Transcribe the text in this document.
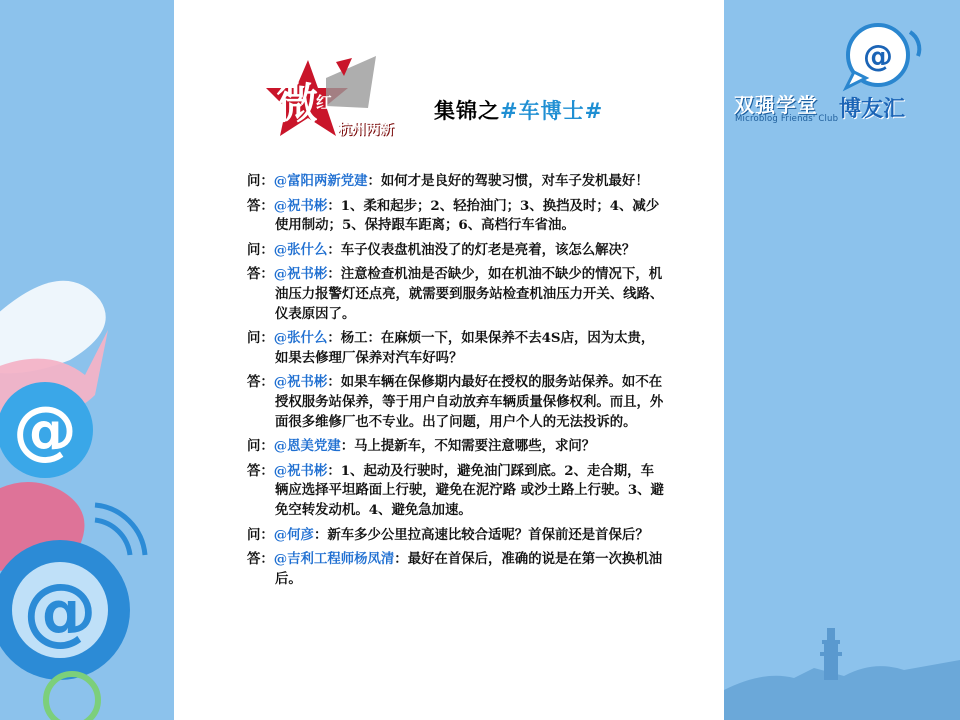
@
@
@
微
红
杭州两新
集锦之#车博士#	双强学堂
Microblog Friends' Club 博友汇

问：@富阳两新党建：如何才是良好的驾驶习惯，对车子发机最好！

答：@祝书彬：1、柔和起步；2、轻抬油门；3、换挡及时；4、减少使用制动；5、保持跟车距离；6、高档行车省油。

问：@张什么：车子仪表盘机油没了的灯老是亮着，该怎么解决？

答：@祝书彬：注意检查机油是否缺少，如在机油不缺少的情况下，机油压力报警灯还点亮，就需要到服务站检查机油压力开关、线路、仪表原因了。

问：@张什么：杨工：在麻烦一下，如果保养不去4S店，因为太贵，如果去修理厂保养对汽车好吗？

答：@祝书彬：如果车辆在保修期内最好在授权的服务站保养。如不在授权服务站保养，等于用户自动放弃车辆质量保修权利。而且，外面很多维修厂也不专业。出了问题，用户个人的无法投诉的。

问：@恩美党建：马上提新车，不知需要注意哪些，求问？

答：@祝书彬：1、起动及行驶时，避免油门踩到底。2、走合期，车辆应选择平坦路面上行驶，避免在泥泞路 或沙土路上行驶。3、避免空转发动机。4、避免急加速。

问：@何彦：新车多少公里拉高速比较合适呢？首保前还是首保后？

答：@吉利工程师杨凤清：最好在首保后，准确的说是在第一次换机油后。
